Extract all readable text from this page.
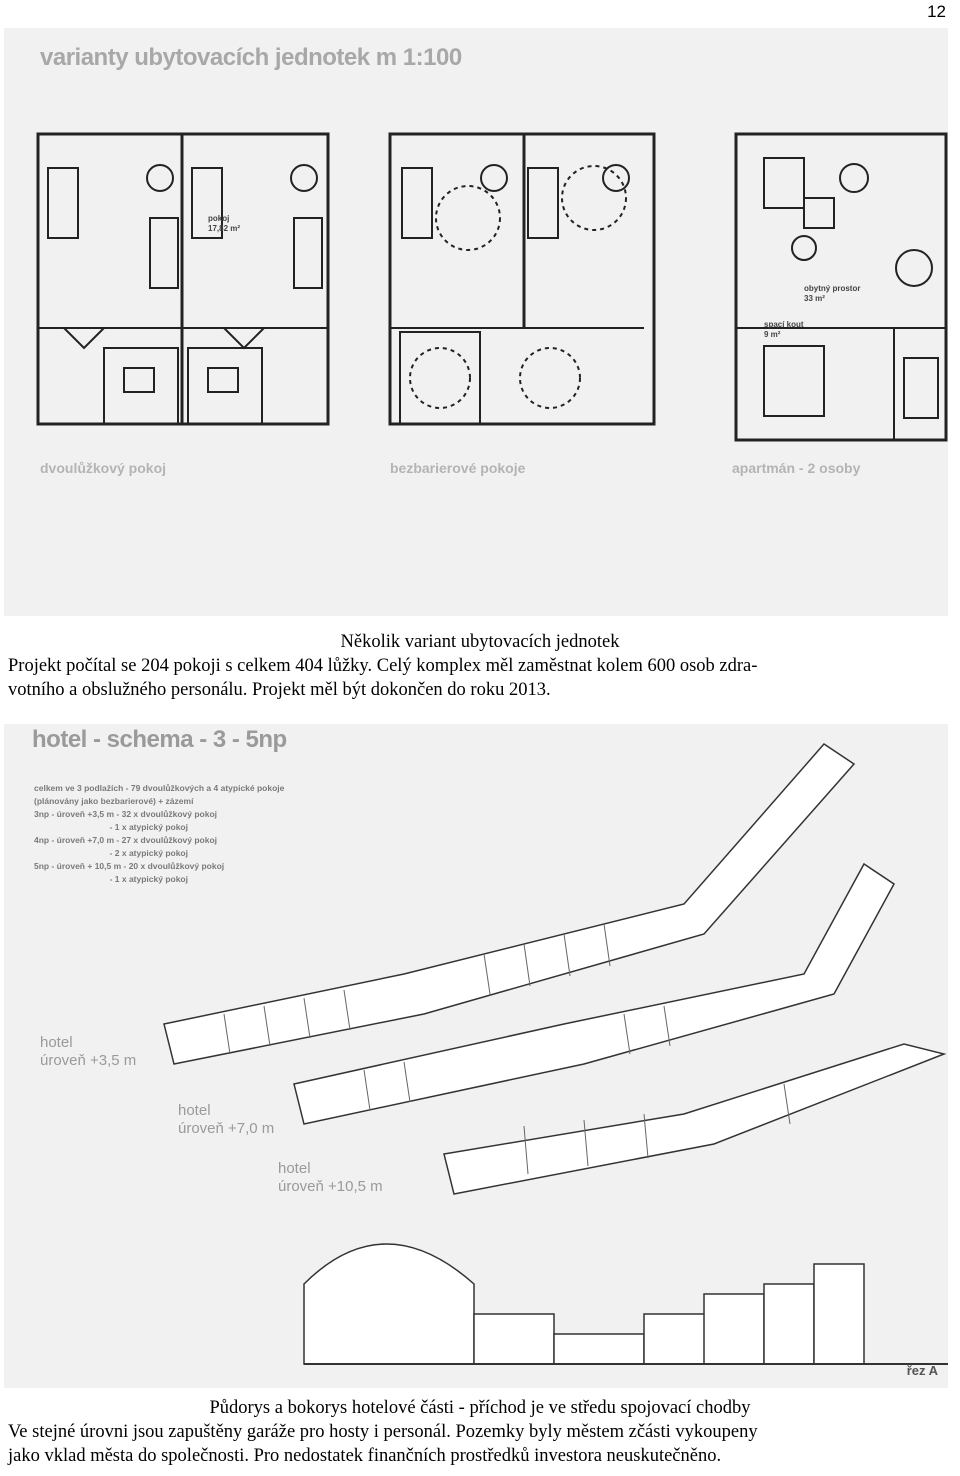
12
varianty ubytovacích jednotek m 1:100
pokoj
17,82 m²
obytný prostor
33 m²
spací kout
9 m²
dvoulůžkový pokoj	bezbarierové pokoje	apartmán - 2 osoby
Několik variant ubytovacích jednotek
Projekt počítal se 204 pokoji s celkem 404 lůžky. Celý komplex měl zaměstnat kolem 600 osob zdra-
votního a obslužného personálu. Projekt měl být dokončen do roku 2013.
hotel - schema - 3 - 5np
celkem ve 3 podlažích - 79 dvoulůžkových a 4 atypické pokoje
(plánovány jako bezbarierové) + zázemí
3np - úroveň +3,5 m - 32 x dvoulůžkový pokoj
- 1 x atypický pokoj
4np - úroveň +7,0 m - 27 x dvoulůžkový pokoj
- 2 x atypický pokoj
5np - úroveň + 10,5 m - 20 x dvoulůžkový pokoj
- 1 x atypický pokoj
hotel
úroveň +3,5 m
hotel
úroveň +7,0 m
hotel
úroveň +10,5 m
řez A
Půdorys a bokorys hotelové části - příchod je ve středu spojovací chodby
Ve stejné úrovni jsou zapuštěny garáže pro hosty i personál. Pozemky byly městem zčásti vykoupeny
jako vklad města do společnosti. Pro nedostatek finančních prostředků investora neuskutečněno.
